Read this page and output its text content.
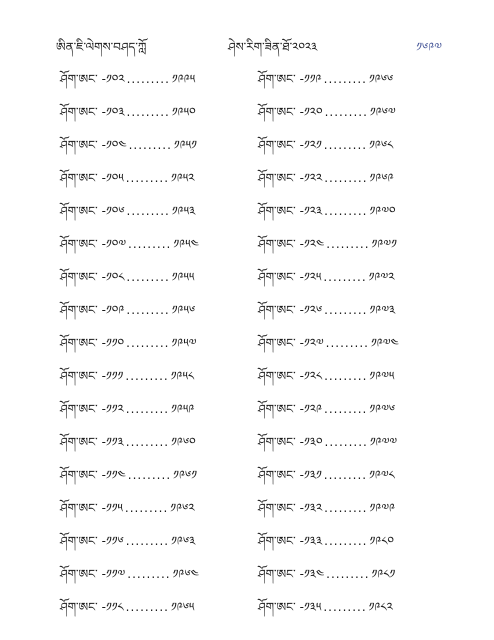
ཨིན་ཇི་ལེགས་བཤད་ཀློ	ཤེས་རིག་ཟིན་ཐོ་༢༠༢༣	༡༦༩༧
ཤོག་ཨང་ -༡༠༢ ......... ༡༩༩༥
ཤོག་ཨང་ -༡༠༣ ......... ༡༩༥༠
ཤོག་ཨང་ -༡༠༤ ......... ༡༩༥༡
ཤོག་ཨང་ -༡༠༥ ......... ༡༩༥༢
ཤོག་ཨང་ -༡༠༦ ......... ༡༩༥༣
ཤོག་ཨང་ -༡༠༧ ......... ༡༩༥༤
ཤོག་ཨང་ -༡༠༨ ......... ༡༩༥༥
ཤོག་ཨང་ -༡༠༩ ......... ༡༩༥༦
ཤོག་ཨང་ -༡༡༠ ......... ༡༩༥༧
ཤོག་ཨང་ -༡༡༡ ......... ༡༩༥༨
ཤོག་ཨང་ -༡༡༢ ......... ༡༩༥༩
ཤོག་ཨང་ -༡༡༣ ......... ༡༩༦༠
ཤོག་ཨང་ -༡༡༤ ......... ༡༩༦༡
ཤོག་ཨང་ -༡༡༥ ......... ༡༩༦༢
ཤོག་ཨང་ -༡༡༦ ......... ༡༩༦༣
ཤོག་ཨང་ -༡༡༧ ......... ༡༩༦༤
ཤོག་ཨང་ -༡༡༨ ......... ༡༩༦༥
ཤོག་ཨང་ -༡༡༩ ......... ༡༩༦༦
ཤོག་ཨང་ -༡༢༠ ......... ༡༩༦༧
ཤོག་ཨང་ -༡༢༡ ......... ༡༩༦༨
ཤོག་ཨང་ -༡༢༢ ......... ༡༩༦༩
ཤོག་ཨང་ -༡༢༣ ......... ༡༩༧༠
ཤོག་ཨང་ -༡༢༤ ......... ༡༩༧༡
ཤོག་ཨང་ -༡༢༥ ......... ༡༩༧༢
ཤོག་ཨང་ -༡༢༦ ......... ༡༩༧༣
ཤོག་ཨང་ -༡༢༧ ......... ༡༩༧༤
ཤོག་ཨང་ -༡༢༨ ......... ༡༩༧༥
ཤོག་ཨང་ -༡༢༩ ......... ༡༩༧༦
ཤོག་ཨང་ -༡༣༠ ......... ༡༩༧༧
ཤོག་ཨང་ -༡༣༡ ......... ༡༩༧༨
ཤོག་ཨང་ -༡༣༢ ......... ༡༩༧༩
ཤོག་ཨང་ -༡༣༣ ......... ༡༩༨༠
ཤོག་ཨང་ -༡༣༤ ......... ༡༩༨༡
ཤོག་ཨང་ -༡༣༥ ......... ༡༩༨༢
